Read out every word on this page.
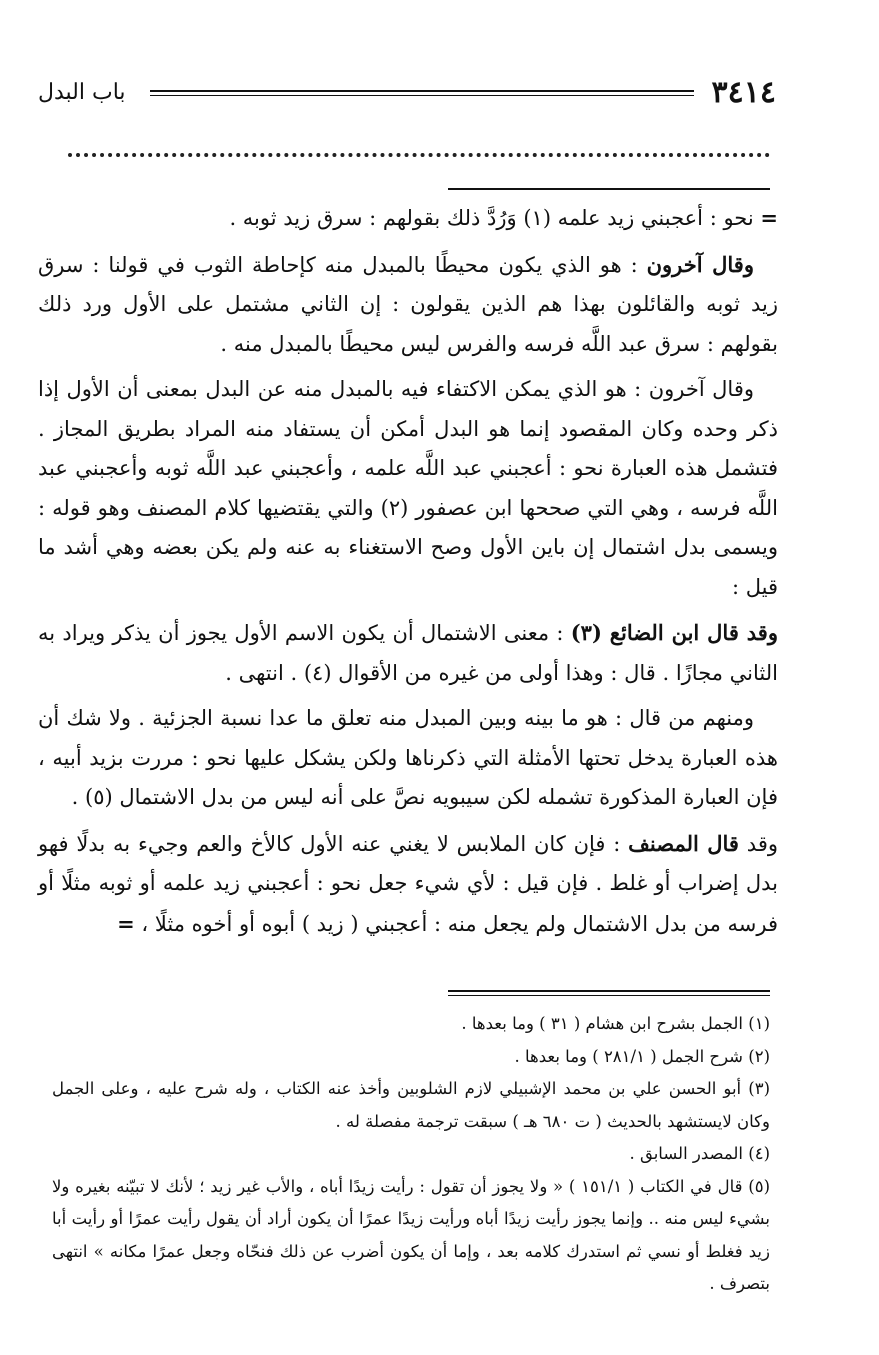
٣٤١٤
باب البدل

= نحو : أعجبني زيد علمه (١) وَرُدَّ ذلك بقولهم : سرق زيد ثوبه .

وقال آخرون : هو الذي يكون محيطًا بالمبدل منه كإحاطة الثوب في قولنا : سرق زيد ثوبه والقائلون بهذا هم الذين يقولون : إن الثاني مشتمل على الأول ورد ذلك بقولهم : سرق عبد اللَّه فرسه والفرس ليس محيطًا بالمبدل منه .

وقال آخرون : هو الذي يمكن الاكتفاء فيه بالمبدل منه عن البدل بمعنى أن الأول إذا ذكر وحده وكان المقصود إنما هو البدل أمكن أن يستفاد منه المراد بطريق المجاز . فتشمل هذه العبارة نحو : أعجبني عبد اللَّه علمه ، وأعجبني عبد اللَّه ثوبه وأعجبني عبد اللَّه فرسه ، وهي التي صححها ابن عصفور (٢) والتي يقتضيها كلام المصنف وهو قوله : ويسمى بدل اشتمال إن باين الأول وصح الاستغناء به عنه ولم يكن بعضه وهي أشد ما قيل :

وقد قال ابن الضائع (٣) : معنى الاشتمال أن يكون الاسم الأول يجوز أن يذكر ويراد به الثاني مجازًا . قال : وهذا أولى من غيره من الأقوال (٤) . انتهى .

ومنهم من قال : هو ما بينه وبين المبدل منه تعلق ما عدا نسبة الجزئية . ولا شك أن هذه العبارة يدخل تحتها الأمثلة التي ذكرناها ولكن يشكل عليها نحو : مررت بزيد أبيه ، فإن العبارة المذكورة تشمله لكن سيبويه نصَّ على أنه ليس من بدل الاشتمال (٥) .

وقد قال المصنف : فإن كان الملابس لا يغني عنه الأول كالأخ والعم وجيء به بدلًا فهو بدل إضراب أو غلط . فإن قيل : لأي شيء جعل نحو : أعجبني زيد علمه أو ثوبه مثلًا أو فرسه من بدل الاشتمال ولم يجعل منه : أعجبني ( زيد ) أبوه أو أخوه مثلًا ، =

(١) الجمل بشرح ابن هشام ( ٣١ ) وما بعدها .

(٢) شرح الجمل ( ٢٨١/١ ) وما بعدها .

(٣) أبو الحسن علي بن محمد الإشبيلي لازم الشلوبين وأخذ عنه الكتاب ، وله شرح عليه ، وعلى الجمل وكان لايستشهد بالحديث ( ت ٦٨٠ هـ ) سبقت ترجمة مفصلة له .

(٤) المصدر السابق .

(٥) قال في الكتاب ( ١٥١/١ ) « ولا يجوز أن تقول : رأيت زيدًا أباه ، والأب غير زيد ؛ لأنك لا تبيّنه بغيره ولا بشيء ليس منه .. وإنما يجوز رأيت زيدًا أباه ورأيت زيدًا عمرًا أن يكون أراد أن يقول رأيت عمرًا أو رأيت أبا زيد فغلط أو نسي ثم استدرك كلامه بعد ، وإما أن يكون أضرب عن ذلك فنحّاه وجعل عمرًا مكانه » انتهى بتصرف .
